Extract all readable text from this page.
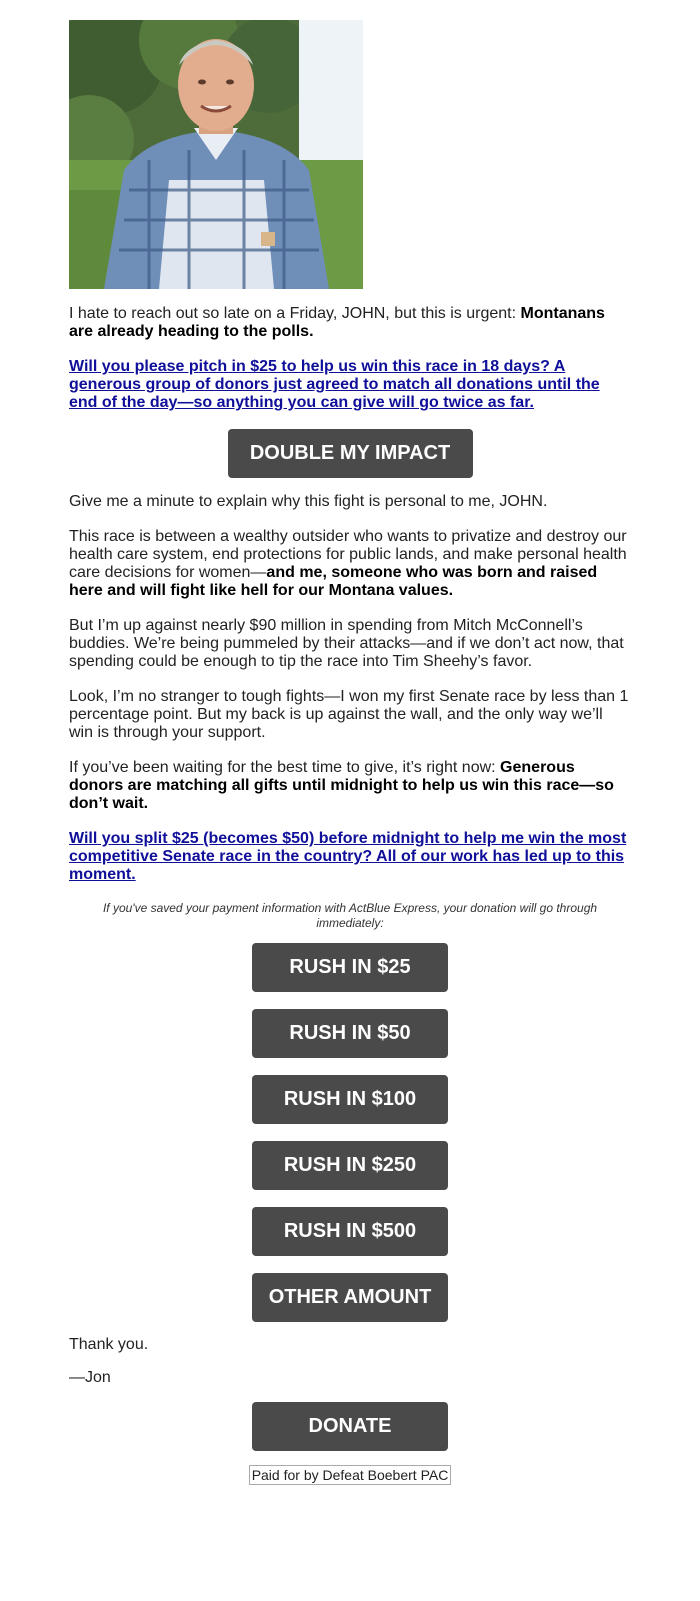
I hate to reach out so late on a Friday, JOHN, but this is urgent: Montanans are already heading to the polls.

Will you please pitch in $25 to help us win this race in 18 days? A generous group of donors just agreed to match all donations until the end of the day—so anything you can give will go twice as far.

DOUBLE MY IMPACT

Give me a minute to explain why this fight is personal to me, JOHN.

This race is between a wealthy outsider who wants to privatize and destroy our health care system, end protections for public lands, and make personal health care decisions for women—and me, someone who was born and raised here and will fight like hell for our Montana values.

But I’m up against nearly $90 million in spending from Mitch McConnell’s buddies. We’re being pummeled by their attacks—and if we don’t act now, that spending could be enough to tip the race into Tim Sheehy’s favor.

Look, I’m no stranger to tough fights—I won my first Senate race by less than 1 percentage point. But my back is up against the wall, and the only way we’ll win is through your support.

If you’ve been waiting for the best time to give, it’s right now: Generous donors are matching all gifts until midnight to help us win this race—so don’t wait.

Will you split $25 (becomes $50) before midnight to help me win the most competitive Senate race in the country? All of our work has led up to this moment.

If you've saved your payment information with ActBlue Express, your donation will go through immediately:
RUSH IN $25
RUSH IN $50
RUSH IN $100
RUSH IN $250
RUSH IN $500
OTHER AMOUNT

Thank you.

—Jon

DONATE
Paid for by Defeat Boebert PAC
